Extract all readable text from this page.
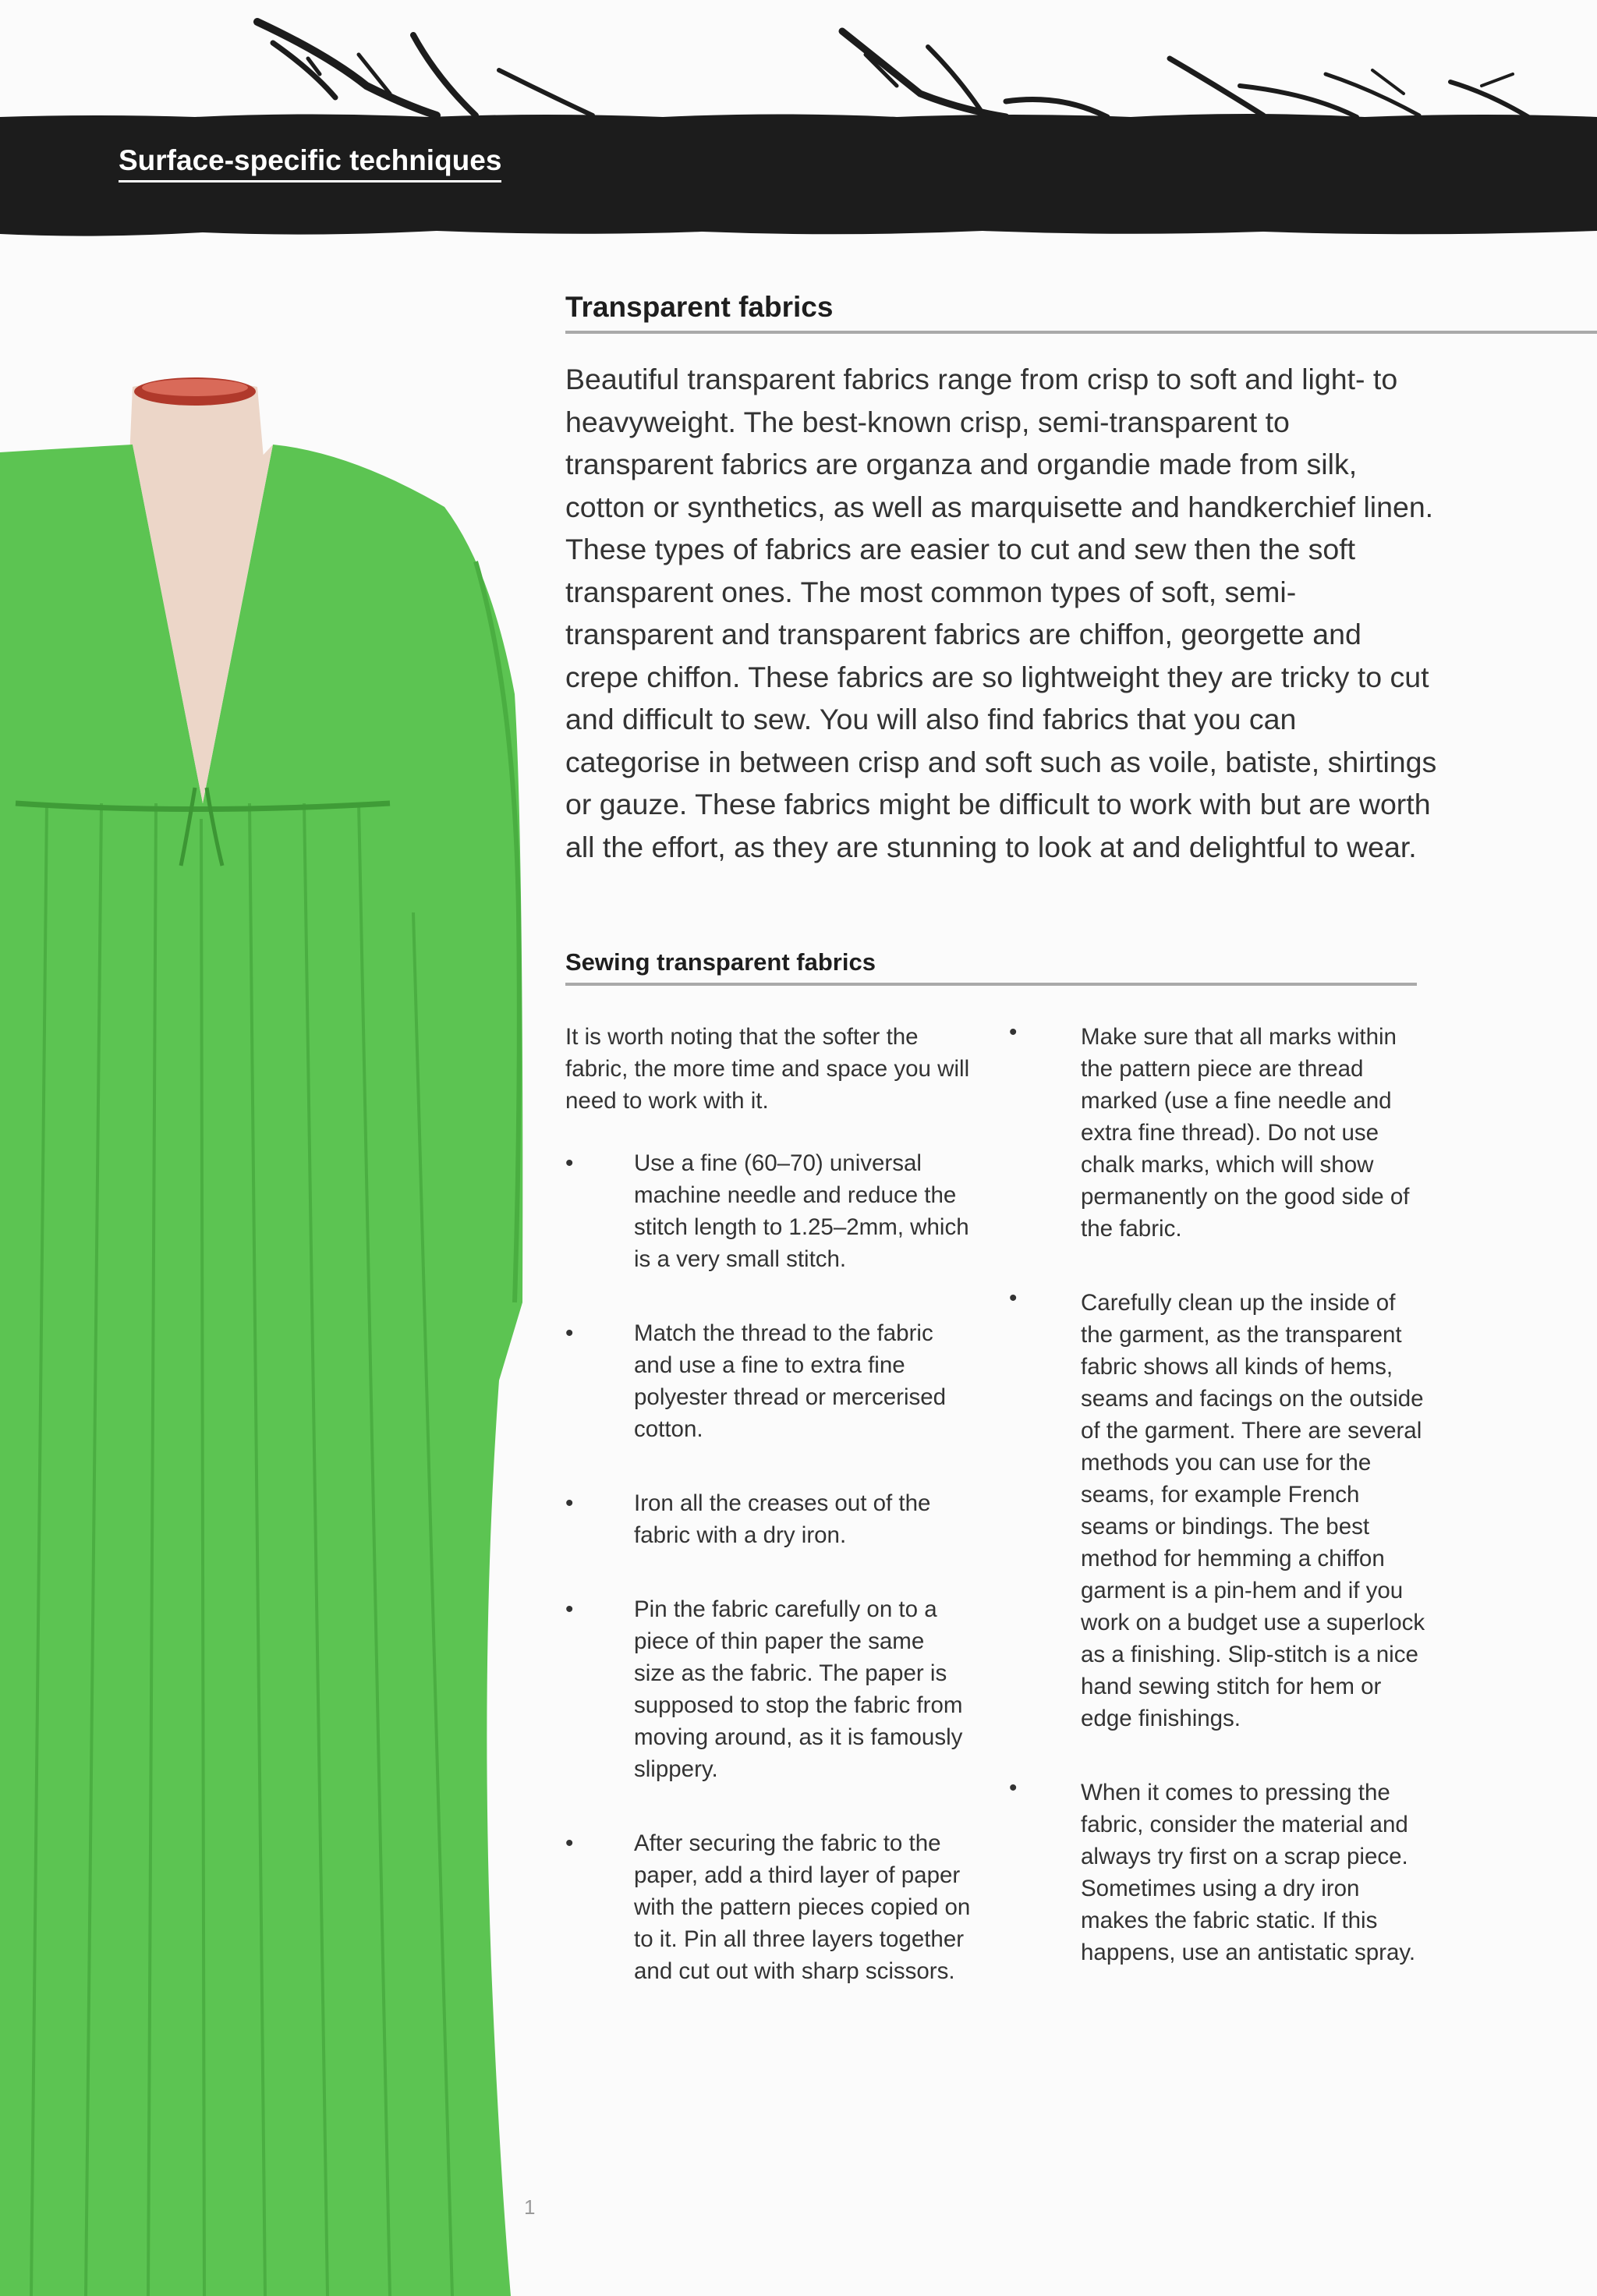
Surface-specific techniques
Transparent fabrics

Beautiful transparent fabrics range from crisp to soft and light- to heavyweight. The best-known crisp, semi-transparent to transparent fabrics are organza and organdie made from silk, cotton or synthetics, as well as marquisette and handkerchief linen. These types of fabrics are easier to cut and sew then the soft transparent ones. The most common types of soft, semi-transparent and transparent fabrics are chiffon, georgette and crepe chiffon. These fabrics are so lightweight they are tricky to cut and difficult to sew. You will also find fabrics that you can categorise in between crisp and soft such as voile, batiste, shirtings or gauze. These fabrics might be difficult to work with but are worth all the effort, as they are stunning to look at and delightful to wear.

Sewing transparent fabrics

It is worth noting that the softer the fabric, the more time and space you will need to work with it.

•	Use a fine (60–70) universal machine needle and reduce the stitch length to 1.25–2mm, which is a very small stitch.
•	Match the thread to the fabric and use a fine to extra fine polyester thread or mercerised cotton.
•	Iron all the creases out of the fabric with a dry iron.
•	Pin the fabric carefully on to a piece of thin paper the same size as the fabric. The paper is supposed to stop the fabric from moving around, as it is famously slippery.
•	After securing the fabric to the paper, add a third layer of paper with the pattern pieces copied on to it. Pin all three layers together and cut out with sharp scissors.
•	Make sure that all marks within the pattern piece are thread marked (use a fine needle and extra fine thread). Do not use chalk marks, which will show permanently on the good side of the fabric.
•	Carefully clean up the inside of the garment, as the transparent fabric shows all kinds of hems, seams and facings on the outside of the garment. There are several methods you can use for the seams, for example French seams or bindings. The best method for hemming a chiffon garment is a pin-hem and if you work on a budget use a superlock as a finishing. Slip-stitch is a nice hand sewing stitch for hem or edge finishings.
•	When it comes to pressing the fabric, consider the material and always try first on a scrap piece. Sometimes using a dry iron makes the fabric static. If this happens, use an antistatic spray.
1
